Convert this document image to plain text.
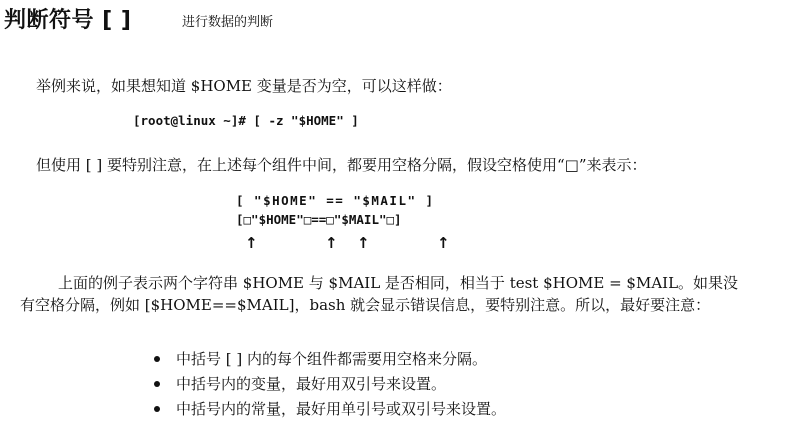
判断符号 [ ]	进行数据的判断
举例来说，如果想知道 $HOME 变量是否为空，可以这样做：
[root@linux ~]# [ -z "$HOME" ]
但使用 [ ] 要特别注意，在上述每个组件中间，都要用空格分隔，假设空格使用“□”来表示：
[ "$HOME" == "$MAIL" ]
[□"$HOME"□==□"$MAIL"□]
↑	↑ ↑	↑
上面的例子表示两个字符串 $HOME 与 $MAIL 是否相同，相当于 test $HOME = $MAIL。如果没
有空格分隔，例如 [$HOME==$MAIL]，bash 就会显示错误信息，要特别注意。所以，最好要注意：
中括号 [ ] 内的每个组件都需要用空格来分隔。
中括号内的变量，最好用双引号来设置。
中括号内的常量，最好用单引号或双引号来设置。
